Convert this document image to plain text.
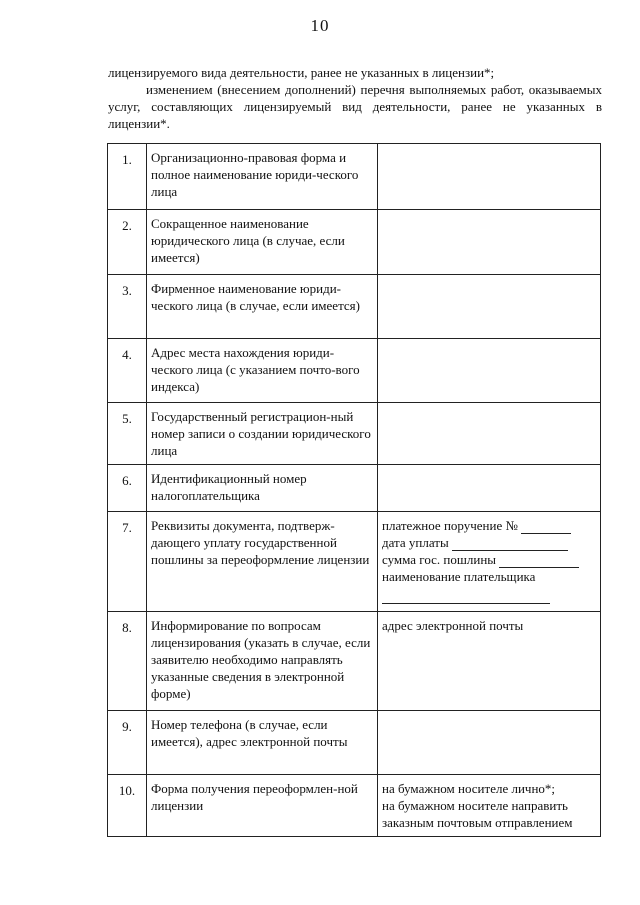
10

лицензируемого вида деятельности, ранее не указанных в лицензии*;

изменением (внесением дополнений) перечня выполняемых работ, оказываемых услуг, составляющих лицензируемый вид деятельности, ранее не указанных в лицензии*.

1.	Организационно-правовая форма и полное наименование юриди-ческого лица	

2.	Сокращенное наименование юридического лица (в случае, если имеется)	

3.	Фирменное наименование юриди-ческого лица (в случае, если имеется)	

4.	Адрес места нахождения юриди-ческого лица (с указанием почто-вого индекса)	

5.	Государственный регистрацион-ный номер записи о создании юридического лица	

6.	Идентификационный номер налогоплательщика	

7.	Реквизиты документа, подтверж-дающего уплату государственной пошлины за переоформление лицензии	платежное поручение №
дата уплаты
сумма гос. пошлины
наименование плательщика

8.	Информирование по вопросам лицензирования (указать в случае, если заявителю необходимо направлять указанные сведения в электронной форме)	адрес электронной почты

9.	Номер телефона (в случае, если имеется), адрес электронной почты	

10.	Форма получения переоформлен-ной лицензии	на бумажном носителе лично*;
на бумажном носителе направить заказным почтовым отправлением
